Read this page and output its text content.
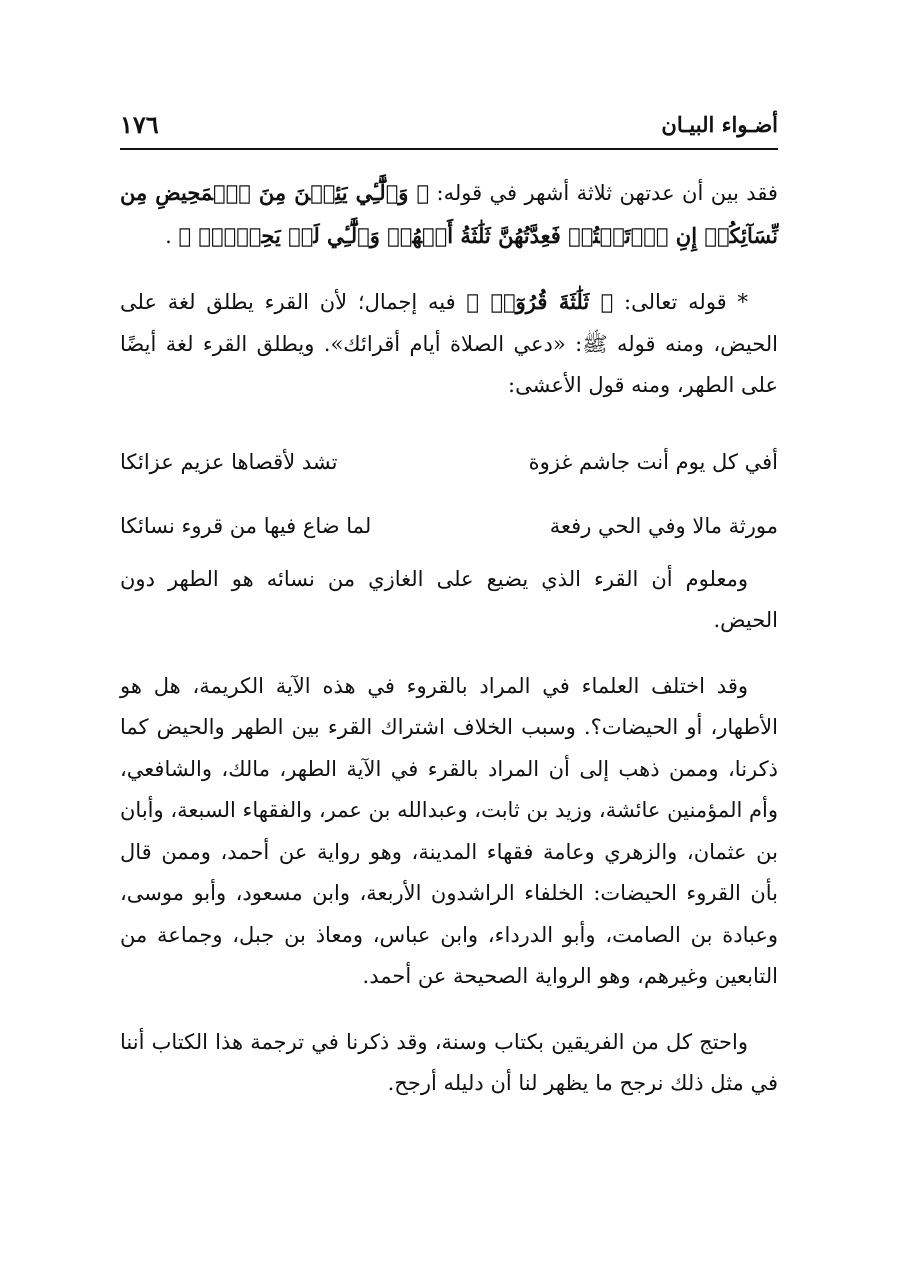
أضـواء البيـان
١٧٦

فقد بين أن عدتهن ثلاثة أشهر في قوله: ﴿ وَٱلَّٰٓـِٔي يَئِسۡنَ مِنَ ٱلۡمَحِيضِ مِن نِّسَآئِكُمۡ إِنِ ٱرۡتَبۡتُمۡ فَعِدَّتُهُنَّ ثَلَٰثَةُ أَشۡهُرٖ وَٱلَّٰٓـِٔي لَمۡ يَحِضۡنَۚ ﴾ .

* قوله تعالى: ﴿ ثَلَٰثَةَ قُرُوٓءٖ ﴾ فيه إجمال؛ لأن القرء يطلق لغة على الحيض، ومنه قوله ﷺ: «دعي الصلاة أيام أقرائك». ويطلق القرء لغة أيضًا على الطهر، ومنه قول الأعشى:

أفي كل يوم أنت جاشم غزوة
تشد لأقصاها عزيم عزائكا
مورثة مالا وفي الحي رفعة
لما ضاع فيها من قروء نسائكا

ومعلوم أن القرء الذي يضيع على الغازي من نسائه هو الطهر دون الحيض.

وقد اختلف العلماء في المراد بالقروء في هذه الآية الكريمة، هل هو الأطهار، أو الحيضات؟. وسبب الخلاف اشتراك القرء بين الطهر والحيض كما ذكرنا، وممن ذهب إلى أن المراد بالقرء في الآية الطهر، مالك، والشافعي، وأم المؤمنين عائشة، وزيد بن ثابت، وعبدالله بن عمر، والفقهاء السبعة، وأبان بن عثمان، والزهري وعامة فقهاء المدينة، وهو رواية عن أحمد، وممن قال بأن القروء الحيضات: الخلفاء الراشدون الأربعة، وابن مسعود، وأبو موسى، وعبادة بن الصامت، وأبو الدرداء، وابن عباس، ومعاذ بن جبل، وجماعة من التابعين وغيرهم، وهو الرواية الصحيحة عن أحمد.

واحتج كل من الفريقين بكتاب وسنة، وقد ذكرنا في ترجمة هذا الكتاب أننا في مثل ذلك نرجح ما يظهر لنا أن دليله أرجح.
